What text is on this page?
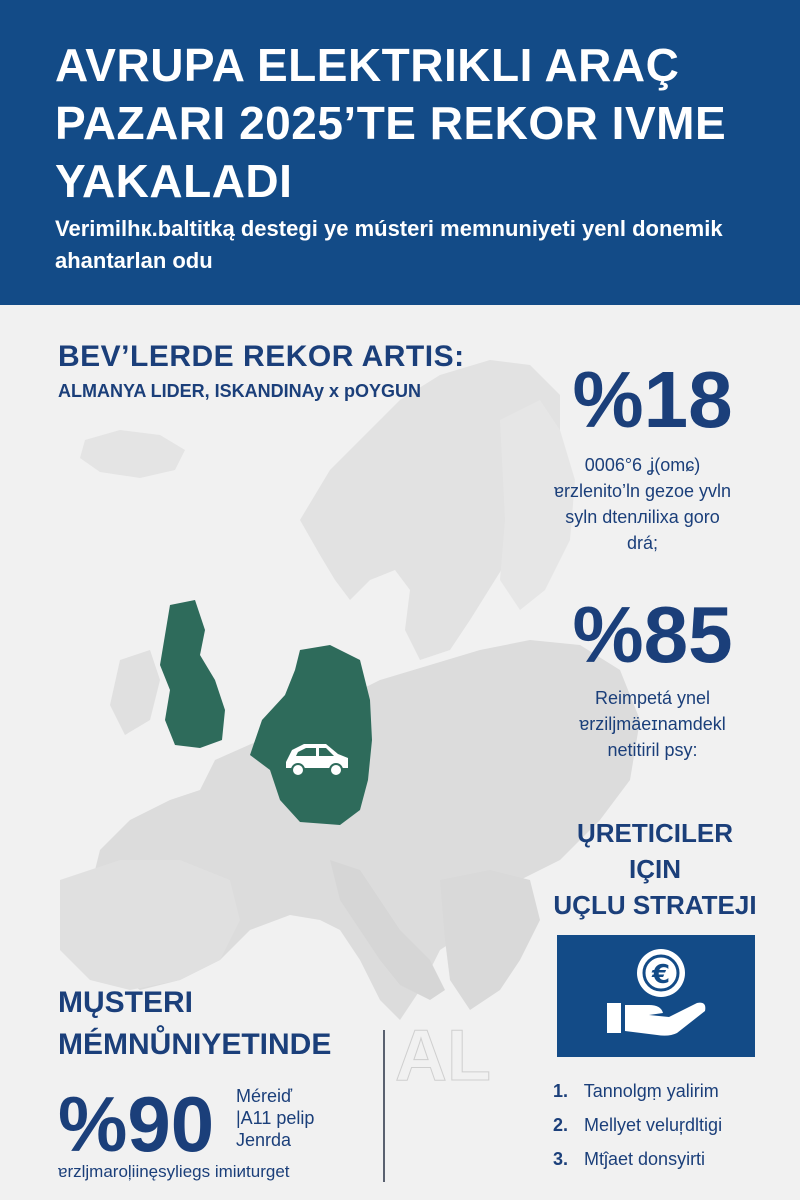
AVRUPA ELEKTRIKLI ARAÇ PAZARI 2025’TE REKOR IVME YAKALADI
Verimilhк.baltitką destegi ye músteri memnuniyeti yenl donemik ahantarlan odu
BEV’LERDE REKOR ARTIS:
ALMANYA LIDER, ISKANDINAy x pOYGUN %18
0006°6 ʝ(omɕ)
ɐrzlenito’ln gezoe yvln
syln dtenлilixa goro
drá;
%85
Reimpetá ynel
ɐrziljmäeɪnamdekl
netitiril psy:
ŲRETICILER
IÇIN
UÇLU STRATEJI
€
1. Tannolgṃ yalirim
2. Mellyet veluŗdltigi
3. Mtĵaet donsyirti
MŲSTERI
MÉMNŮNIYETINDE
%90	Méreiď
|A11 pelip
Jenrda
ɐrzljmaroļiinęsyliegs imiиturget
AL
